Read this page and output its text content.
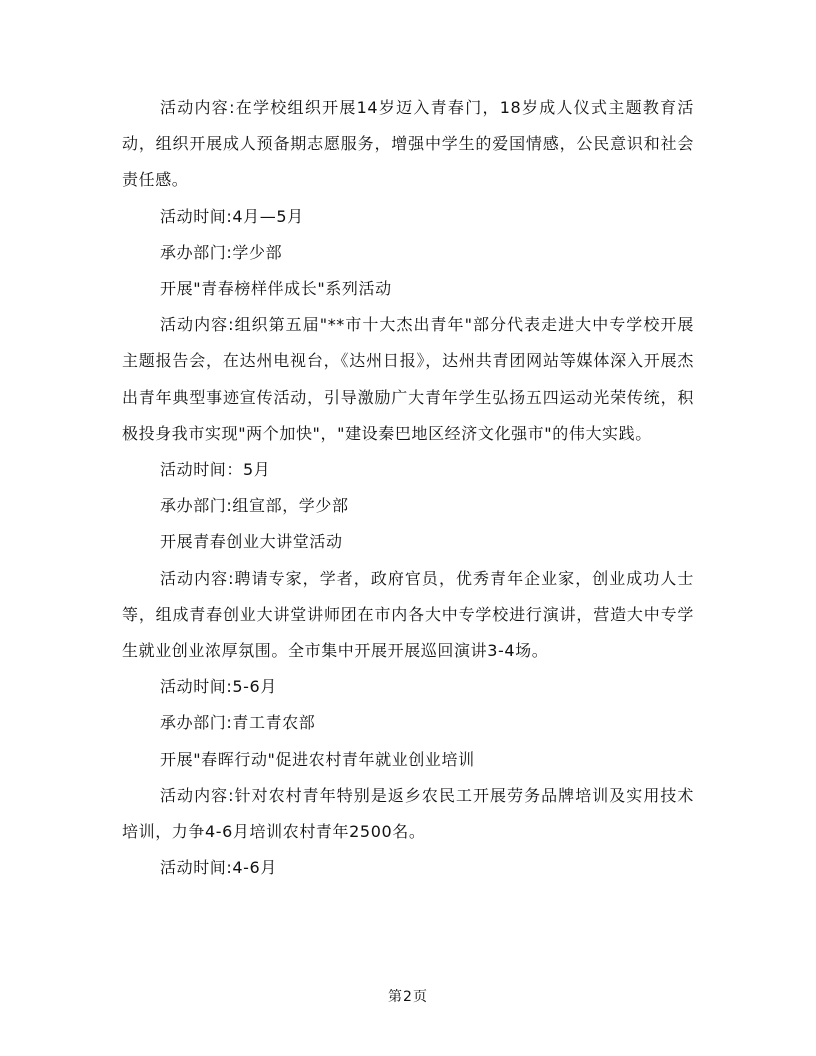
活动内容:在学校组织开展14岁迈入青春门，18岁成人仪式主题教育活动，组织开展成人预备期志愿服务，增强中学生的爱国情感，公民意识和社会责任感。

活动时间:4月—5月

承办部门:学少部

开展"青春榜样伴成长"系列活动

活动内容:组织第五届"**市十大杰出青年"部分代表走进大中专学校开展主题报告会，在达州电视台，《达州日报》，达州共青团网站等媒体深入开展杰出青年典型事迹宣传活动，引导激励广大青年学生弘扬五四运动光荣传统，积极投身我市实现"两个加快"，"建设秦巴地区经济文化强市"的伟大实践。

活动时间：5月

承办部门:组宣部，学少部

开展青春创业大讲堂活动

活动内容:聘请专家，学者，政府官员，优秀青年企业家，创业成功人士等，组成青春创业大讲堂讲师团在市内各大中专学校进行演讲，营造大中专学生就业创业浓厚氛围。全市集中开展开展巡回演讲3-4场。

活动时间:5-6月

承办部门:青工青农部

开展"春晖行动"促进农村青年就业创业培训

活动内容:针对农村青年特别是返乡农民工开展劳务品牌培训及实用技术培训，力争4-6月培训农村青年2500名。

活动时间:4-6月

第2页
